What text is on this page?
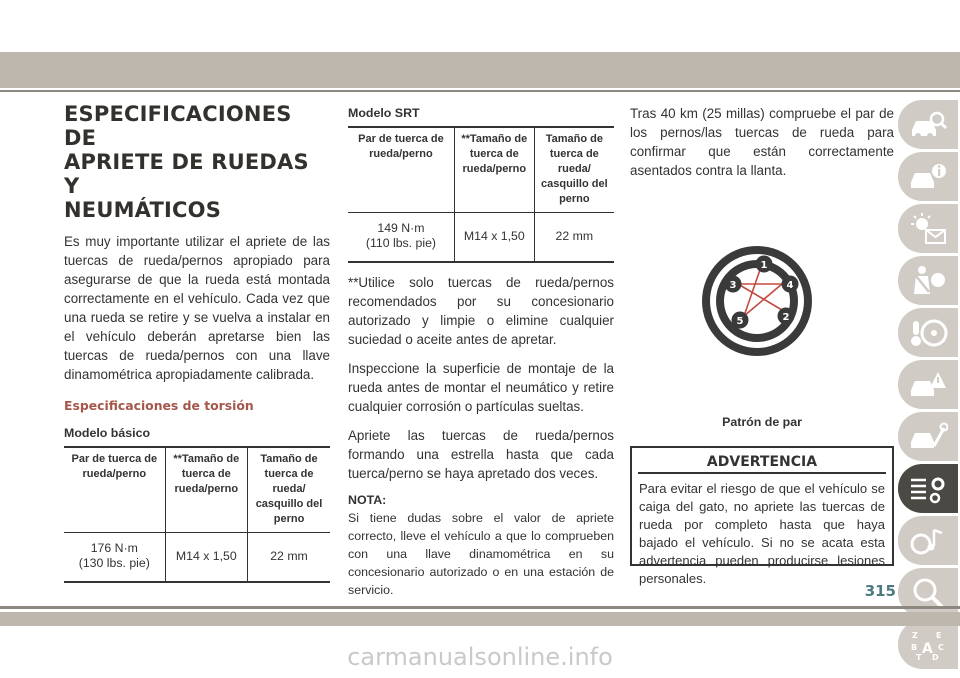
ESPECIFICACIONES DE
APRIETE DE RUEDAS Y
NEUMÁTICOS

Es muy importante utilizar el apriete de las tuercas de rueda/pernos apropiado para asegurarse de que la rueda está montada correctamente en el vehículo. Cada vez que una rueda se retire y se vuelva a instalar en el vehículo deberán apretarse bien las tuercas de rueda/pernos con una llave dinamométrica apropiadamente calibrada.

Especificaciones de torsión
Modelo básico
Par de tuerca de rueda/perno	**Tamaño de tuerca de rueda/perno	Tamaño de tuerca de rueda/ casquillo del perno
176 N·m
(130 lbs. pie)	M14 x 1,50	22 mm
Modelo SRT
Par de tuerca de rueda/perno	**Tamaño de tuerca de rueda/perno	Tamaño de tuerca de rueda/ casquillo del perno
149 N·m
(110 lbs. pie)	M14 x 1,50	22 mm

**Utilice solo tuercas de rueda/pernos recomendados por su concesionario autorizado y limpie o elimine cualquier suciedad o aceite antes de apretar.

Inspeccione la superficie de montaje de la rueda antes de montar el neumático y retire cualquier corrosión o partículas sueltas.

Apriete las tuercas de rueda/pernos formando una estrella hasta que cada tuerca/perno se haya apretado dos veces.

NOTA:

Si tiene dudas sobre el valor de apriete correcto, lleve el vehículo a que lo comprueben con una llave dinamométrica en su concesionario autorizado o en una estación de servicio.

Tras 40 km (25 millas) compruebe el par de los pernos/las tuercas de rueda para confirmar que están correctamente asentados contra la llanta.

1
2
3	4
5
Patrón de par
ADVERTENCIA

Para evitar el riesgo de que el vehículo se caiga del gato, no apriete las tuercas de rueda por completo hasta que haya bajado el vehículo. Si no se acata esta advertencia pueden producirse lesiones personales.

Z E
B A C
T D
315
carmanualsonline.info
